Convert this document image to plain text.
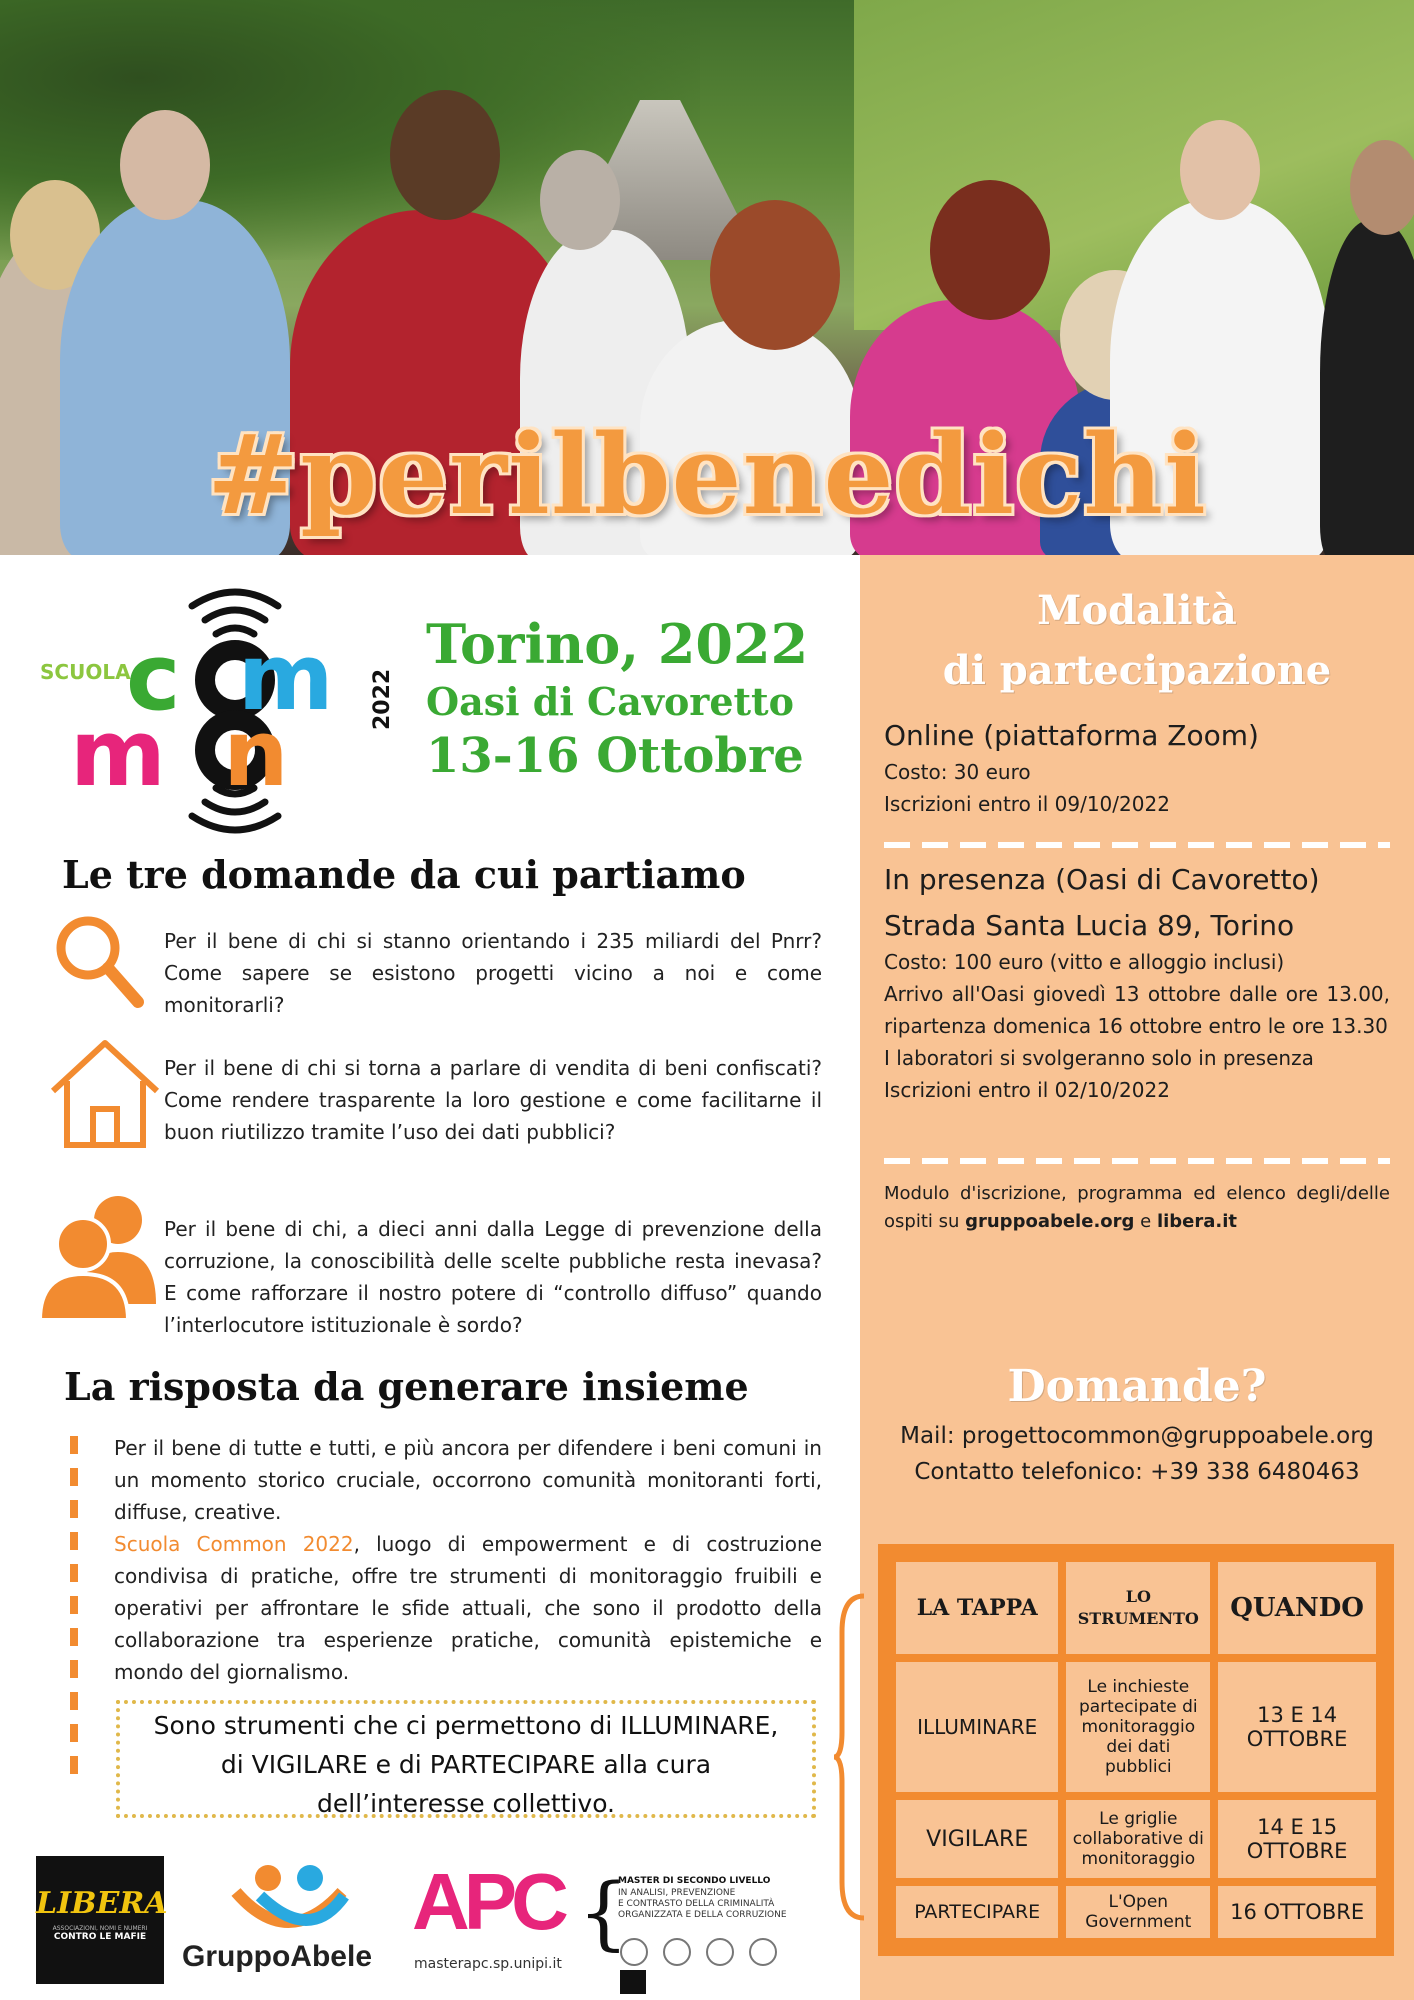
#perilbenedichi
SCUOLA
c m
m n
2022
Torino, 2022
Oasi di Cavoretto
13-16 Ottobre
Le tre domande da cui partiamo
Per il bene di chi si stanno orientando i 235 miliardi del Pnrr? Come sapere se esistono progetti vicino a noi e come monitorarli?
Per il bene di chi si torna a parlare di vendita di beni confiscati? Come rendere trasparente la loro gestione e come facilitarne il buon riutilizzo tramite l’uso dei dati pubblici?
Per il bene di chi, a dieci anni dalla Legge di prevenzione della corruzione, la conoscibilità delle scelte pubbliche resta inevasa? E come rafforzare il nostro potere di “controllo diffuso” quando l’interlocutore istituzionale è sordo?
La risposta da generare insieme
Per il bene di tutte e tutti, e più ancora per difendere i beni comuni in un momento storico cruciale, occorrono comunità monitoranti forti, diffuse, creative.
Scuola Common 2022, luogo di empowerment e di costruzione condivisa di pratiche, offre tre strumenti di monitoraggio fruibili e operativi per affrontare le sfide attuali, che sono il prodotto della collaborazione tra esperienze pratiche, comunità epistemiche e mondo del giornalismo.
Sono strumenti che ci permettono di ILLUMINARE,
di VIGILARE e di PARTECIPARE alla cura
dell’interesse collettivo.
Modalità
di partecipazione
Online (piattaforma Zoom)
Costo: 30 euro
Iscrizioni entro il 09/10/2022
In presenza (Oasi di Cavoretto)
Strada Santa Lucia 89, Torino
Costo: 100 euro (vitto e alloggio inclusi)
Arrivo all'Oasi giovedì 13 ottobre dalle ore 13.00, ripartenza domenica 16 ottobre entro le ore 13.30
I laboratori si svolgeranno solo in presenza
Iscrizioni entro il 02/10/2022
Modulo d'iscrizione, programma ed elenco degli/delle ospiti su gruppoabele.org e libera.it
Domande?
Mail: progettocommon@gruppoabele.org
Contatto telefonico: +39 338 6480463
LA TAPPA	LO STRUMENTO	QUANDO
ILLUMINARE	Le inchieste partecipate di monitoraggio dei dati pubblici	13 E 14 OTTOBRE
VIGILARE	Le griglie collaborative di monitoraggio	14 E 15 OTTOBRE
PARTECIPARE	L'Open Government	16 OTTOBRE
LIBERA
ASSOCIAZIONI, NOMI E NUMERI
CONTRO LE MAFIE
GruppoAbele
APC
masterapc.sp.unipi.it
{
MASTER DI SECONDO LIVELLO
IN ANALISI, PREVENZIONE
E CONTRASTO DELLA CRIMINALITÀ
ORGANIZZATA E DELLA CORRUZIONE
